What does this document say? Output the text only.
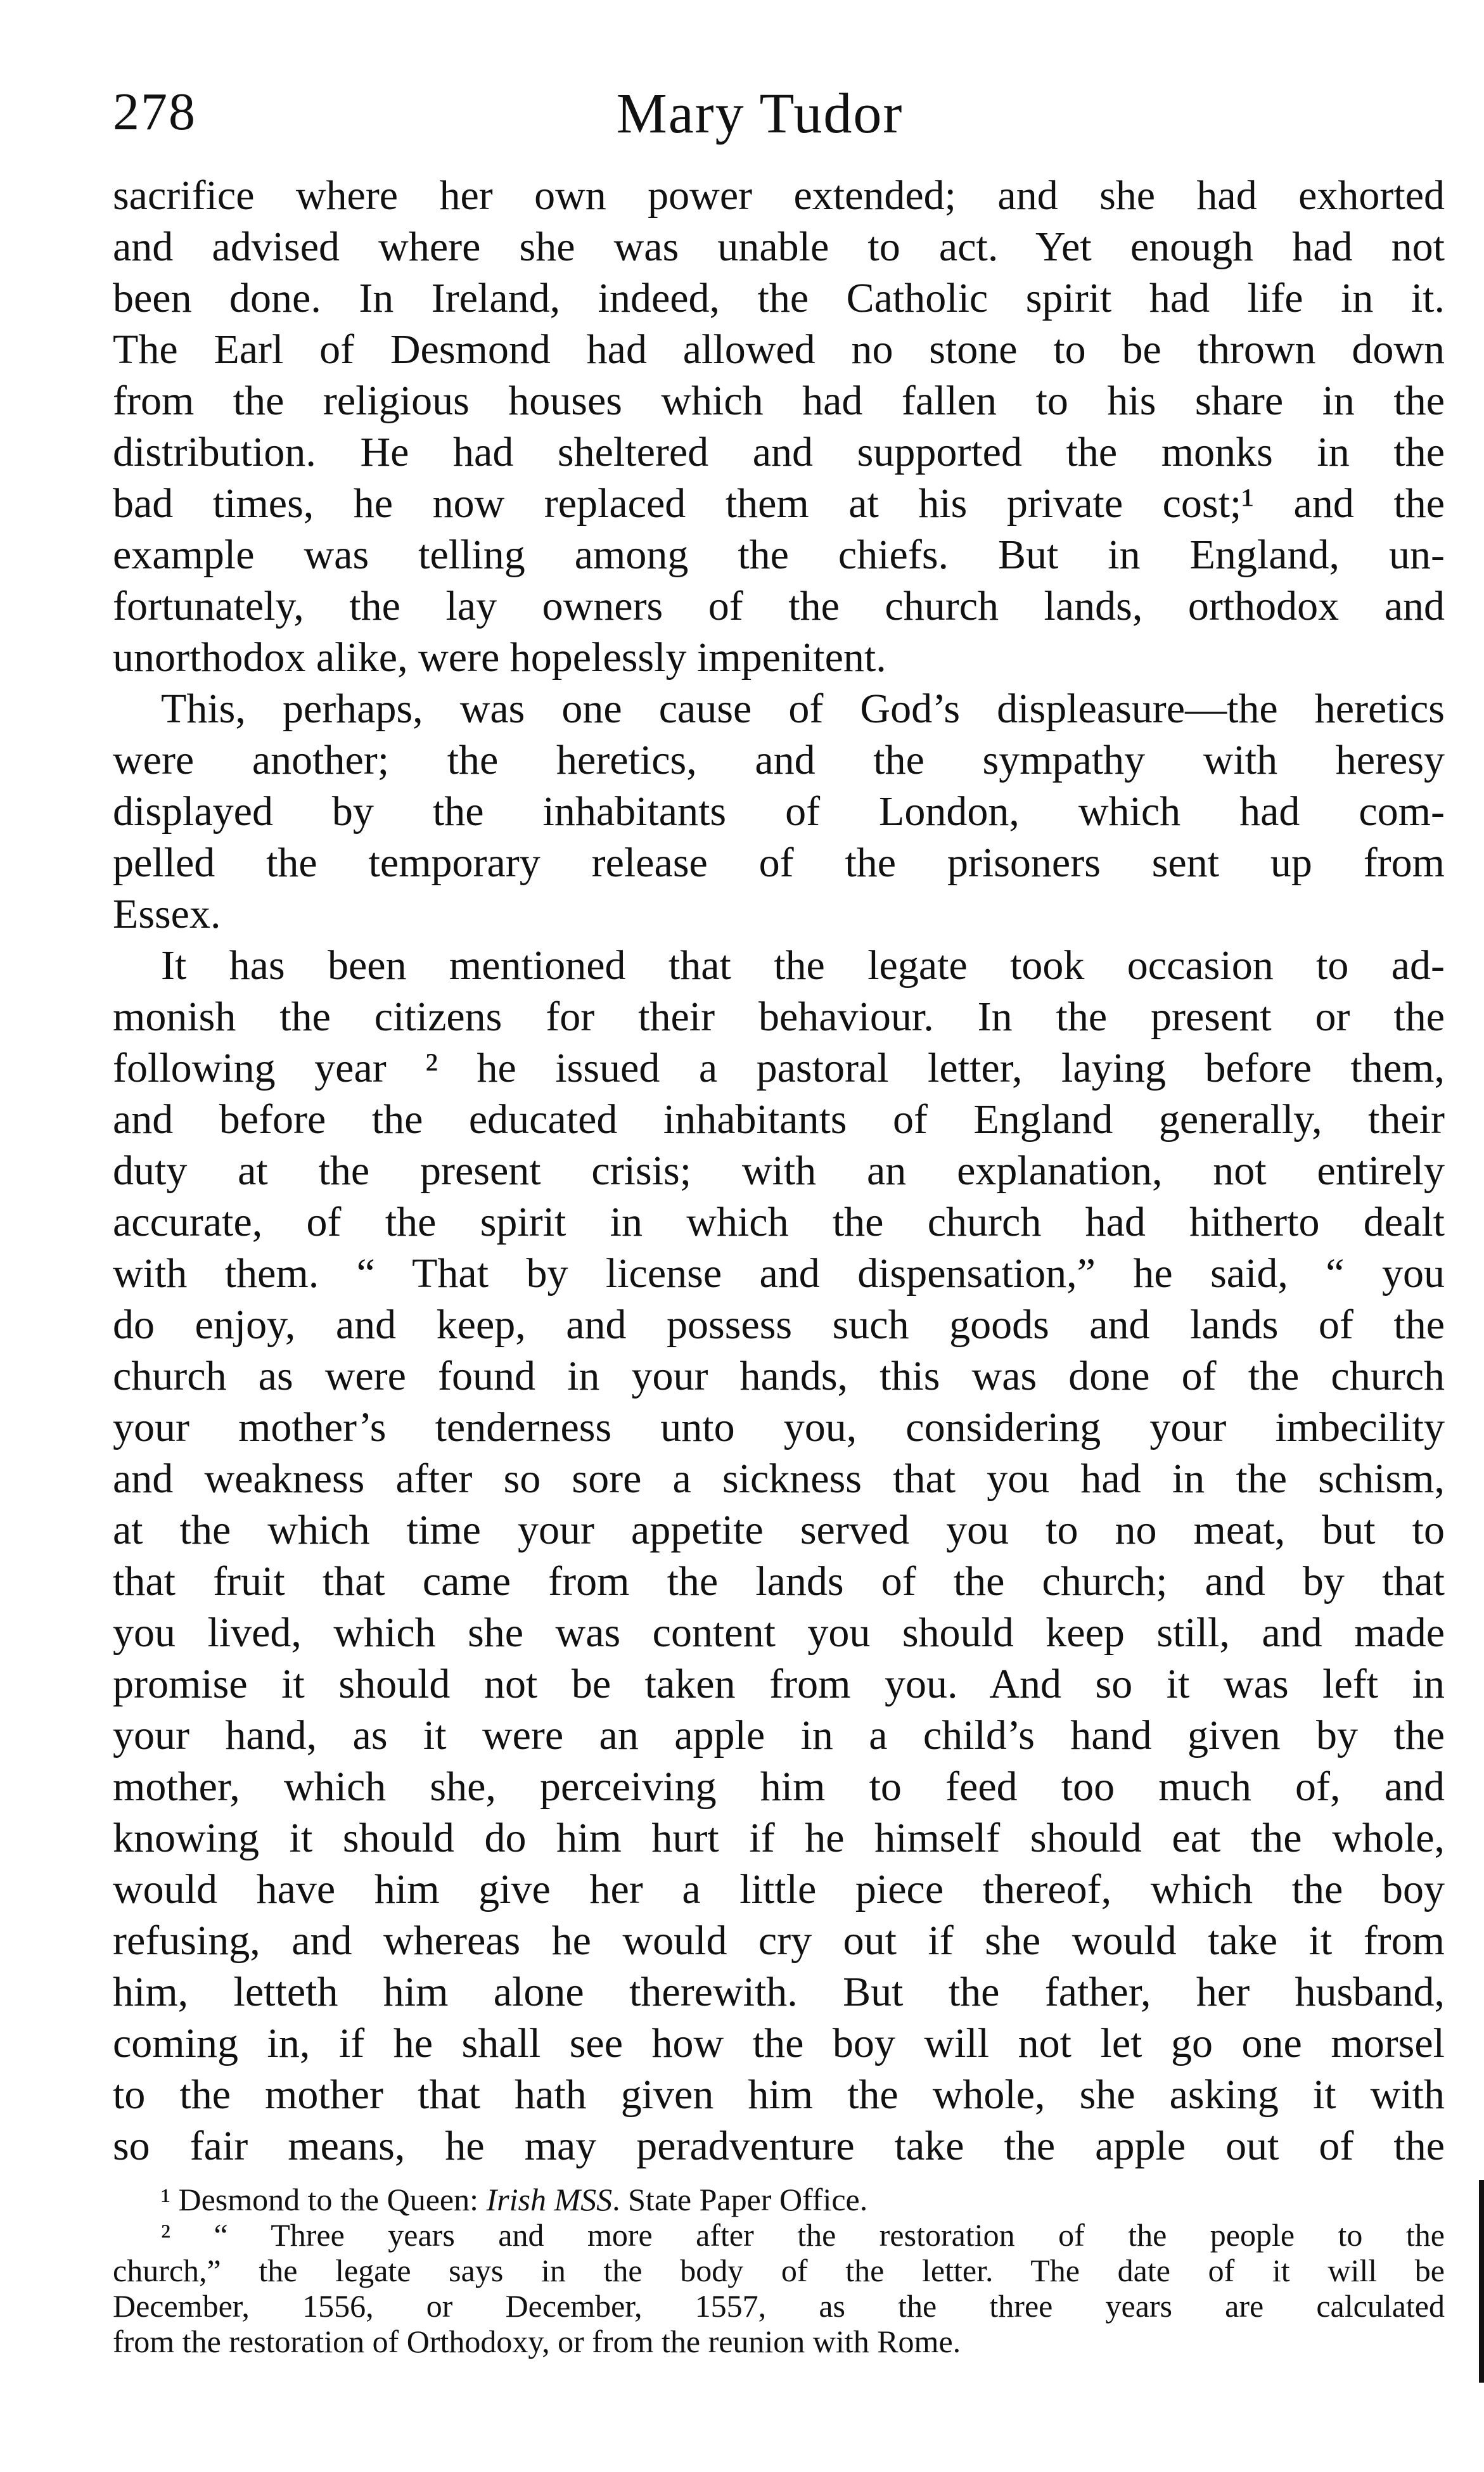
278	Mary Tudor
sacrifice where her own power extended; and she had exhorted
and advised where she was unable to act. Yet enough had not
been done. In Ireland, indeed, the Catholic spirit had life in it.
The Earl of Desmond had allowed no stone to be thrown down
from the religious houses which had fallen to his share in the
distribution. He had sheltered and supported the monks in the
bad times, he now replaced them at his private cost;¹ and the
example was telling among the chiefs. But in England, un-
fortunately, the lay owners of the church lands, orthodox and
unorthodox alike, were hopelessly impenitent.
This, perhaps, was one cause of God’s displeasure—the heretics
were another; the heretics, and the sympathy with heresy
displayed by the inhabitants of London, which had com-
pelled the temporary release of the prisoners sent up from
Essex.
It has been mentioned that the legate took occasion to ad-
monish the citizens for their behaviour. In the present or the
following year ² he issued a pastoral letter, laying before them,
and before the educated inhabitants of England generally, their
duty at the present crisis; with an explanation, not entirely
accurate, of the spirit in which the church had hitherto dealt
with them. “ That by license and dispensation,” he said, “ you
do enjoy, and keep, and possess such goods and lands of the
church as were found in your hands, this was done of the church
your mother’s tenderness unto you, considering your imbecility
and weakness after so sore a sickness that you had in the schism,
at the which time your appetite served you to no meat, but to
that fruit that came from the lands of the church; and by that
you lived, which she was content you should keep still, and made
promise it should not be taken from you. And so it was left in
your hand, as it were an apple in a child’s hand given by the
mother, which she, perceiving him to feed too much of, and
knowing it should do him hurt if he himself should eat the whole,
would have him give her a little piece thereof, which the boy
refusing, and whereas he would cry out if she would take it from
him, letteth him alone therewith. But the father, her husband,
coming in, if he shall see how the boy will not let go one morsel
to the mother that hath given him the whole, she asking it with
so fair means, he may peradventure take the apple out of the
¹ Desmond to the Queen: Irish MSS. State Paper Office.
² “ Three years and more after the restoration of the people to the
church,” the legate says in the body of the letter. The date of it will be
December, 1556, or December, 1557, as the three years are calculated
from the restoration of Orthodoxy, or from the reunion with Rome.
